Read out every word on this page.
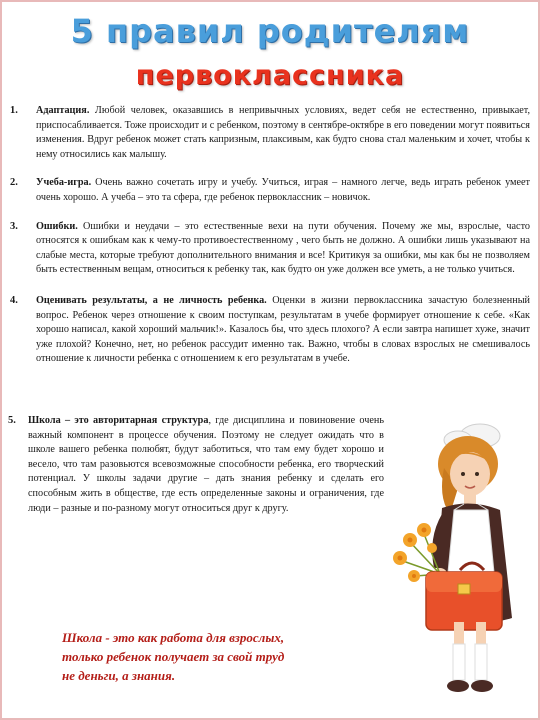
5 правил родителям
первоклассника
1.	Адаптация. Любой человек, оказавшись в непривычных условиях, ведет себя не естественно, привыкает, приспосабливается. Тоже происходит и с ребенком, поэтому в сентябре-октябре в его поведении могут появиться изменения. Вдруг ребенок может стать капризным, плаксивым, как будто снова стал маленьким и хочет, чтобы к нему относились как малышу.
2.	Учеба-игра. Очень важно сочетать игру и учебу. Учиться, играя – намного легче, ведь играть ребенок умеет очень хорошо. А учеба – это та сфера, где ребенок первоклассник – новичок.
3.	Ошибки. Ошибки и неудачи – это естественные вехи на пути обучения. Почему же мы, взрослые, часто относятся к ошибкам как к чему-то противоестественному , чего быть не должно. А ошибки лишь указывают на слабые места, которые требуют дополнительного внимания и все! Критикуя за ошибки, мы как бы не позволяем быть естественным вещам, относиться к ребенку так, как будто он уже должен все уметь, а не только учиться.
4.	Оценивать результаты, а не личность ребенка. Оценки в жизни первоклассника зачастую болезненный вопрос. Ребенок через отношение к своим поступкам, результатам в учебе формирует отношение к себе. «Как хорошо написал, какой хороший мальчик!». Казалось бы, что здесь плохого? А если завтра напишет хуже, значит уже плохой? Конечно, нет, но ребенок рассудит именно так. Важно, чтобы в словах взрослых не смешивалось отношение к личности ребенка с отношением к его результатам в учебе.
5.	Школа – это авторитарная структура, где дисциплина и повиновение очень важный компонент в процессе обучения. Поэтому не следует ожидать что в школе вашего ребенка полюбят, будут заботиться, что там ему будет хорошо и весело, что там разовьются всевозможные способности ребенка, его творческий потенциал. У школы задачи другие – дать знания ребенку и сделать его способным жить в обществе, где есть определенные законы и ограничения, где люди – разные и по-разному могут относиться друг к другу.
Школа - это как работа для взрослых,
только ребенок получает за свой труд
не деньги, а знания.
